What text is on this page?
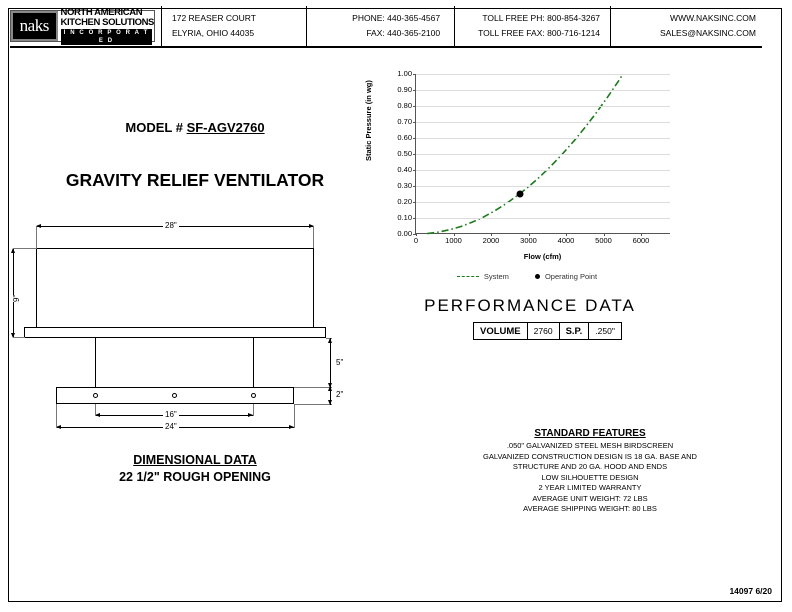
naks
NORTH AMERICAN
KITCHEN SOLUTIONS
I N C O R P O R A T E D
172 REASER COURT
ELYRIA, OHIO 44035
PHONE: 440-365-4567
FAX: 440-365-2100
TOLL FREE PH: 800-854-3267
TOLL FREE FAX: 800-716-1214
WWW.NAKSINC.COM
SALES@NAKSINC.COM
MODEL # SF-AGV2760
GRAVITY RELIEF VENTILATOR
28"
9"
5"
2"
16"
24"
DIMENSIONAL DATA
22 1/2" ROUGH OPENING
Static Pressure (in wg)
0.00
0.10
0.20
0.30
0.40
0.50
0.60
0.70
0.80
0.90
1.00
0	1000	2000	3000	4000	5000	6000
Flow (cfm)
System	Operating Point
PERFORMANCE DATA
VOLUME	2760	S.P.	.250"
STANDARD FEATURES
.050" GALVANIZED STEEL MESH BIRDSCREEN
GALVANIZED CONSTRUCTION DESIGN IS 18 GA. BASE AND
STRUCTURE AND 20 GA. HOOD AND ENDS
LOW SILHOUETTE DESIGN
2 YEAR LIMITED WARRANTY
AVERAGE UNIT WEIGHT: 72 LBS
AVERAGE SHIPPING WEIGHT: 80 LBS
14097 6/20
